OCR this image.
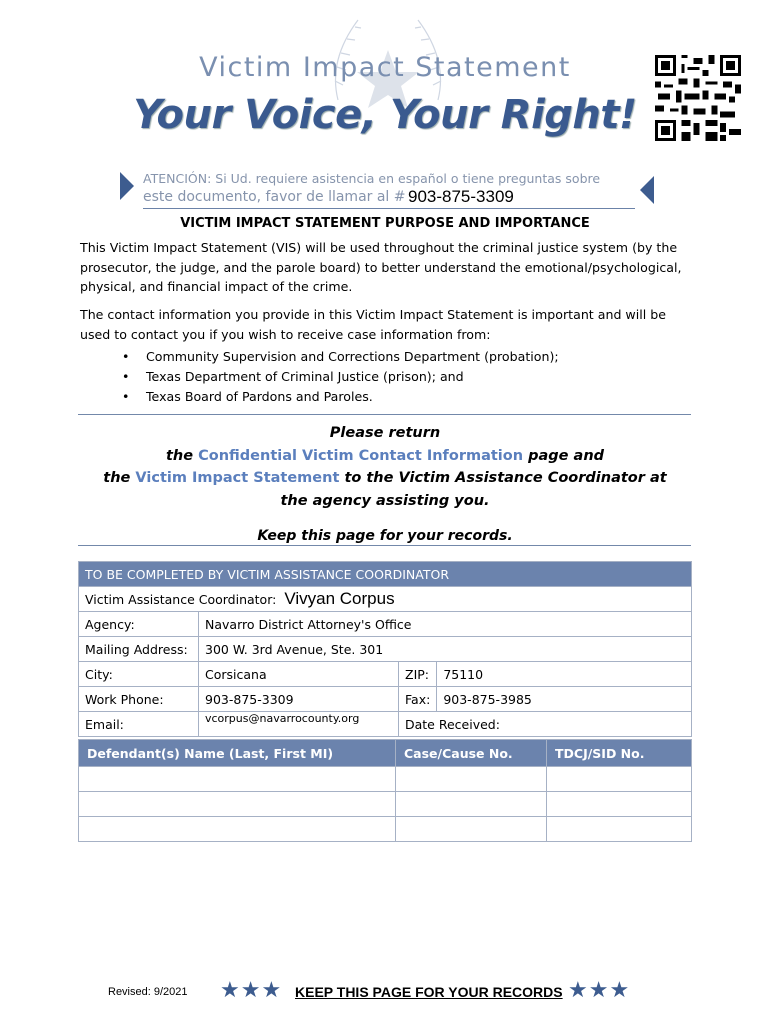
Victim Impact Statement
Your Voice, Your Right!
ATENCIÓN: Si Ud. requiere asistencia en español o tiene preguntas sobre
este documento, favor de llamar al # 903-875-3309
VICTIM IMPACT STATEMENT PURPOSE AND IMPORTANCE
This Victim Impact Statement (VIS) will be used throughout the criminal justice system (by the prosecutor, the judge, and the parole board) to better understand the emotional/psychological, physical, and financial impact of the crime.
The contact information you provide in this Victim Impact Statement is important and will be used to contact you if you wish to receive case information from:
• Community Supervision and Corrections Department (probation);
• Texas Department of Criminal Justice (prison); and
• Texas Board of Pardons and Paroles.
Please return
the Confidential Victim Contact Information page and
the Victim Impact Statement to the Victim Assistance Coordinator at
the agency assisting you.
Keep this page for your records.
TO BE COMPLETED BY VICTIM ASSISTANCE COORDINATOR			
Victim Assistance Coordinator: Vivyan Corpus			
Agency:	Navarro District Attorney's Office		
Mailing Address:	300 W. 3rd Avenue, Ste. 301		
City:	Corsicana	ZIP:	75110
Work Phone:	903-875-3309	Fax:	903-875-3985
Email:	vcorpus@navarrocounty.org	Date Received:	
Defendant(s) Name (Last, First MI)	Case/Cause No.	TDCJ/SID No.

Revised: 9/2021 ★★★ KEEP THIS PAGE FOR YOUR RECORDS ★★★
